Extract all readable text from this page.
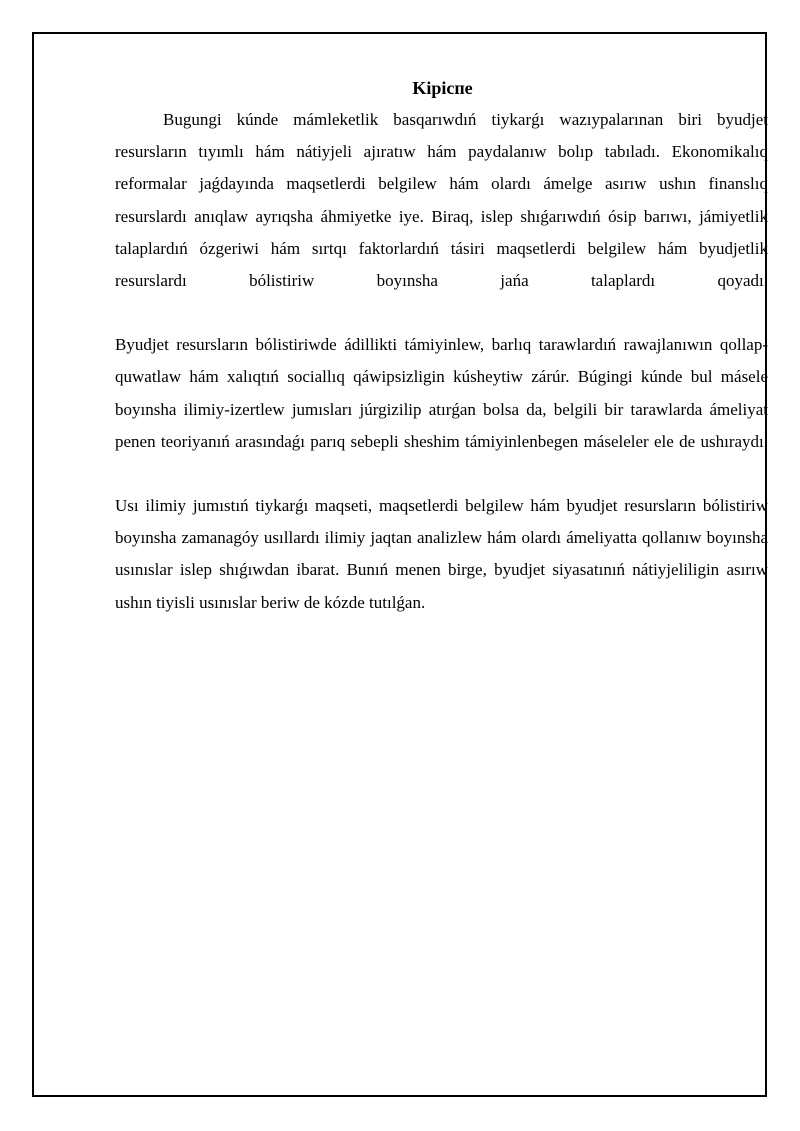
Kipicпe

Bugungi kúnde mámleketlik basqarıwdıń tiykarǵı wazıypalarınan biri byudjet resursların tıyımlı hám nátiyjeli ajıratıw hám paydalanıw bolıp tabıladı. Ekonomikalıq reformalar jaǵdayında maqsetlerdi belgilew hám olardı ámelge asırıw ushın finanslıq resurslardı anıqlaw ayrıqsha áhmiyetke iye. Biraq, islep shıǵarıwdıń ósip barıwı, jámiyetlik talaplardıń ózgeriwi hám sırtqı faktorlardıń tásiri maqsetlerdi belgilew hám byudjetlik resurslardı bólistiriw boyınsha jańa talaplardı qoyadı.

Byudjet resursların bólistiriwde ádillikti támiyinlew, barlıq tarawlardıń rawajlanıwın qollap-quwatlaw hám xalıqtıń sociallıq qáwipsizligin kúsheytiw zárúr. Búgingi kúnde bul másele boyınsha ilimiy-izertlew jumısları júrgizilip atırǵan bolsa da, belgili bir tarawlarda ámeliyat penen teoriyanıń arasındaǵı parıq sebepli sheshim támiyinlenbegen máseleler ele de ushıraydı.

Usı ilimiy jumıstıń tiykarǵı maqseti, maqsetlerdi belgilew hám byudjet resursların bólistiriw boyınsha zamanagóy usıllardı ilimiy jaqtan analizlew hám olardı ámeliyatta qollanıw boyınsha usınıslar islep shıǵıwdan ibarat. Bunıń menen birge, byudjet siyasatınıń nátiyjeliligin asırıw ushın tiyisli usınıslar beriw de kózde tutılǵan.
